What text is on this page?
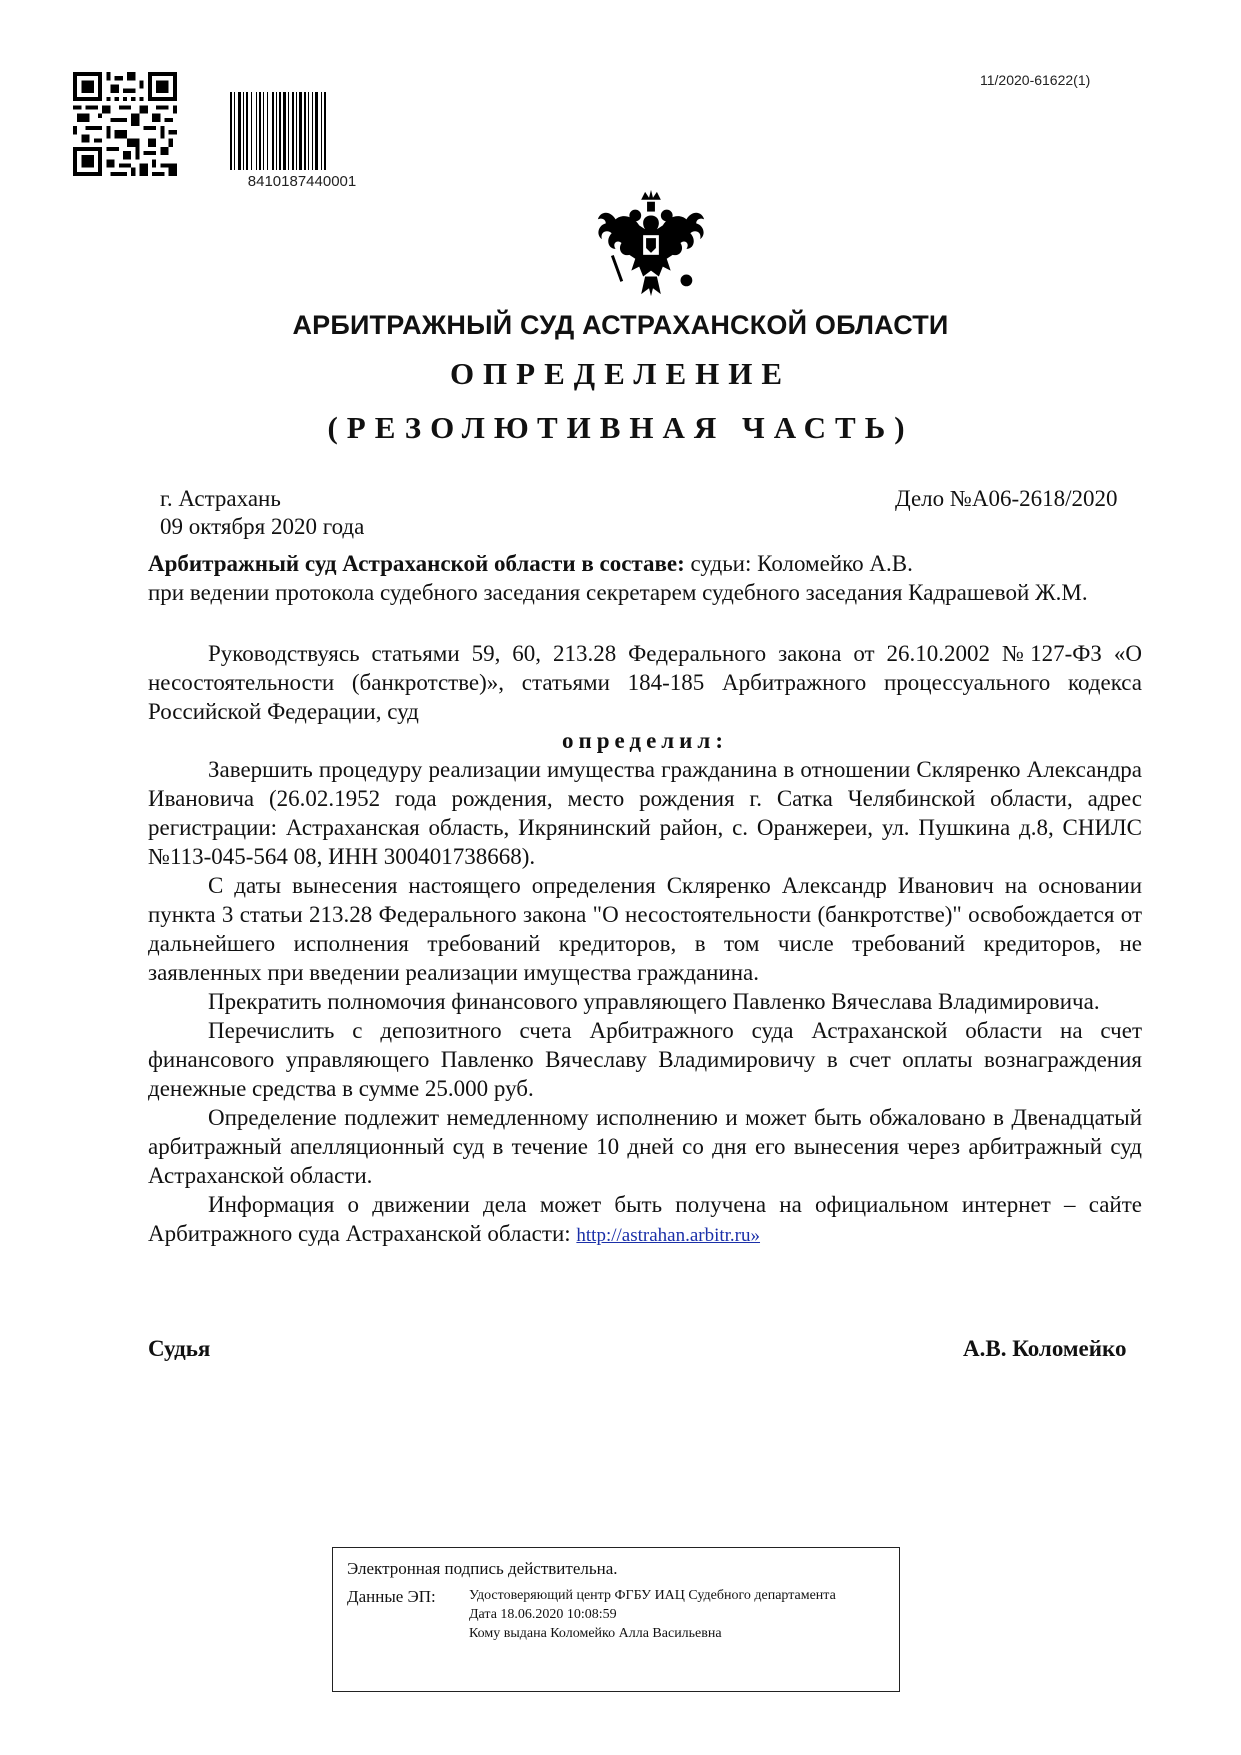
8410187440001
11/2020-61622(1)
АРБИТРАЖНЫЙ СУД АСТРАХАНСКОЙ ОБЛАСТИ
ОПРЕДЕЛЕНИЕ
(РЕЗОЛЮТИВНАЯ ЧАСТЬ)
г. Астрахань
09 октября 2020 года
Дело №А06-2618/2020

Арбитражный суд Астраханской области в составе: судьи: Коломейко А.В.

при ведении протокола судебного заседания секретарем судебного заседания Кадрашевой Ж.М.

Руководствуясь статьями 59, 60, 213.28 Федерального закона от 26.10.2002 №127-ФЗ «О несостоятельности (банкротстве)», статьями 184-185 Арбитражного процессуального кодекса Российской Федерации, суд

определил:

Завершить процедуру реализации имущества гражданина в отношении Скляренко Александра Ивановича (26.02.1952 года рождения, место рождения г. Сатка Челябинской области, адрес регистрации: Астраханская область, Икрянинский район, с. Оранжереи, ул. Пушкина д.8, СНИЛС №113-045-564 08, ИНН 300401738668).

С даты вынесения настоящего определения Скляренко Александр Иванович на основании пункта 3 статьи 213.28 Федерального закона "О несостоятельности (банкротстве)" освобождается от дальнейшего исполнения требований кредиторов, в том числе требований кредиторов, не заявленных при введении реализации имущества гражданина.

Прекратить полномочия финансового управляющего Павленко Вячеслава Владимировича.

Перечислить с депозитного счета Арбитражного суда Астраханской области на счет финансового управляющего Павленко Вячеславу Владимировичу в счет оплаты вознаграждения денежные средства в сумме 25.000 руб.

Определение подлежит немедленному исполнению и может быть обжаловано в Двенадцатый арбитражный апелляционный суд в течение 10 дней со дня его вынесения через арбитражный суд Астраханской области.

Информация о движении дела может быть получена на официальном интернет – сайте Арбитражного суда Астраханской области: http://astrahan.arbitr.ru»

Судья	А.В. Коломейко
Электронная подпись действительна.
Данные ЭП:	Удостоверяющий центр ФГБУ ИАЦ Судебного департамента
Дата 18.06.2020 10:08:59
Кому выдана Коломейко Алла Васильевна
